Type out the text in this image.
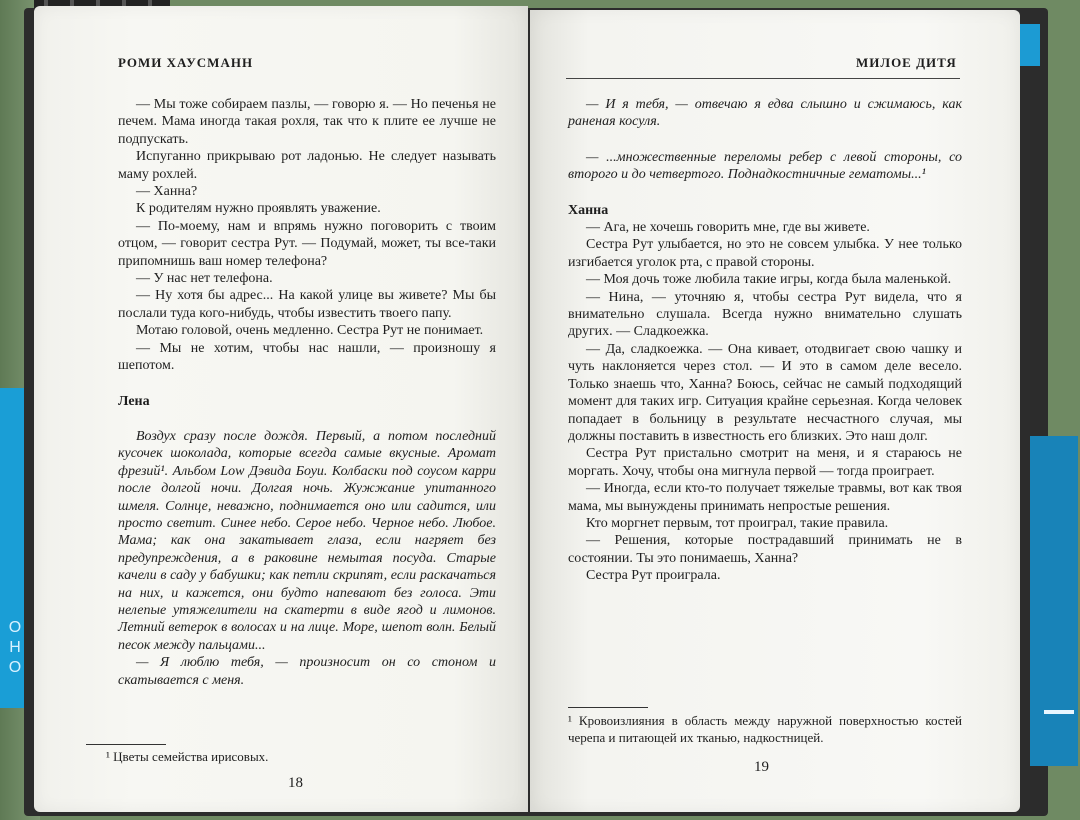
О
Н
О
РОМИ ХАУСМАНН

— Мы тоже собираем пазлы, — говорю я. — Но печенья не печем. Мама иногда такая рохля, так что к плите ее лучше не подпускать.

Испуганно прикрываю рот ладонью. Не следует называть маму рохлей.

— Ханна?

К родителям нужно проявлять уважение.

— По-моему, нам и впрямь нужно поговорить с твоим отцом, — говорит сестра Рут. — Подумай, может, ты все-таки припомнишь ваш номер телефона?

— У нас нет телефона.

— Ну хотя бы адрес... На какой улице вы живете? Мы бы послали туда кого-нибудь, чтобы известить твоего папу.

Мотаю головой, очень медленно. Сестра Рут не понимает.

— Мы не хотим, чтобы нас нашли, — произношу я шепотом.

Лена

Воздух сразу после дождя. Первый, а потом последний кусочек шоколада, которые всегда самые вкусные. Аромат фрезий¹. Альбом Low Дэвида Боуи. Колбаски под соусом карри после долгой ночи. Долгая ночь. Жужжание упитанного шмеля. Солнце, неважно, поднимается оно или садится, или просто светит. Синее небо. Серое небо. Черное небо. Любое. Мама; как она закатывает глаза, если нагряет без предупреждения, а в раковине немытая посуда. Старые качели в саду у бабушки; как петли скрипят, если раскачаться на них, и кажется, они будто напевают без голоса. Эти нелепые утяжелители на скатерти в виде ягод и лимонов. Летний ветерок в волосах и на лице. Море, шепот волн. Белый песок между пальцами...

— Я люблю тебя, — произносит он со стоном и скатывается с меня.

¹ Цветы семейства ирисовых.
18
МИЛОЕ ДИТЯ

— И я тебя, — отвечаю я едва слышно и сжимаюсь, как раненая косуля.

— ...множественные переломы ребер с левой стороны, со второго и до четвертого. Поднадкостничные гематомы...¹

Ханна

— Ага, не хочешь говорить мне, где вы живете.

Сестра Рут улыбается, но это не совсем улыбка. У нее только изгибается уголок рта, с правой стороны.

— Моя дочь тоже любила такие игры, когда была маленькой.

— Нина, — уточняю я, чтобы сестра Рут видела, что я внимательно слушала. Всегда нужно внимательно слушать других. — Сладкоежка.

— Да, сладкоежка. — Она кивает, отодвигает свою чашку и чуть наклоняется через стол. — И это в самом деле весело. Только знаешь что, Ханна? Боюсь, сейчас не самый подходящий момент для таких игр. Ситуация крайне серьезная. Когда человек попадает в больницу в результате несчастного случая, мы должны поставить в известность его близких. Это наш долг.

Сестра Рут пристально смотрит на меня, и я стараюсь не моргать. Хочу, чтобы она мигнула первой — тогда проиграет.

— Иногда, если кто-то получает тяжелые травмы, вот как твоя мама, мы вынуждены принимать непростые решения.

Кто моргнет первым, тот проиграл, такие правила.

— Решения, которые пострадавший принимать не в состоянии. Ты это понимаешь, Ханна?

Сестра Рут проиграла.

¹ Кровоизлияния в область между наружной поверхностью костей черепа и питающей их тканью, надкостницей.
19
